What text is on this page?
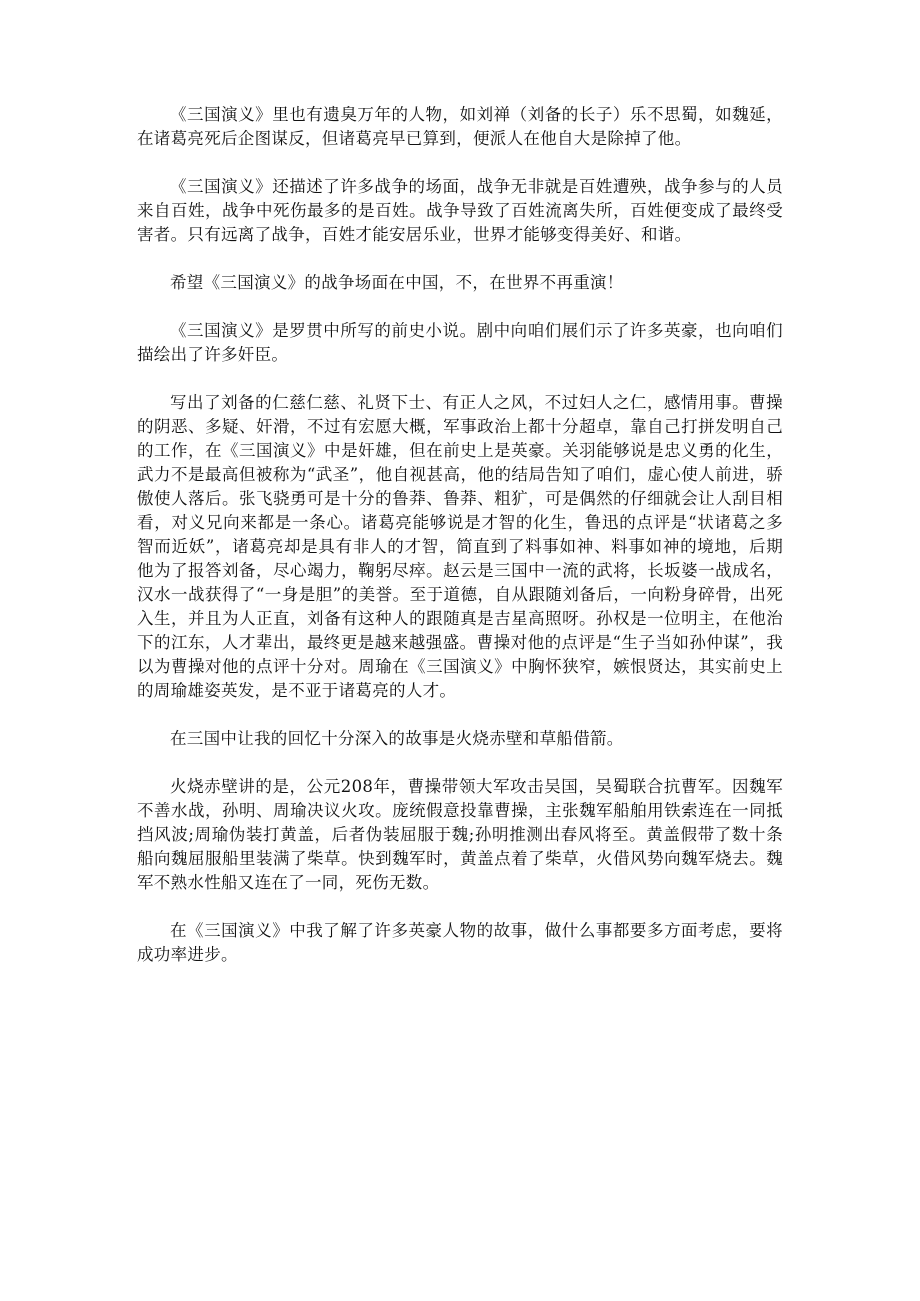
《三国演义》里也有遗臭万年的人物，如刘禅（刘备的长子）乐不思蜀，如魏延，在诸葛亮死后企图谋反，但诸葛亮早已算到，便派人在他自大是除掉了他。

《三国演义》还描述了许多战争的场面，战争无非就是百姓遭殃，战争参与的人员来自百姓，战争中死伤最多的是百姓。战争导致了百姓流离失所，百姓便变成了最终受害者。只有远离了战争，百姓才能安居乐业，世界才能够变得美好、和谐。

希望《三国演义》的战争场面在中国，不，在世界不再重演！

《三国演义》是罗贯中所写的前史小说。剧中向咱们展们示了许多英豪，也向咱们描绘出了许多奸臣。

写出了刘备的仁慈仁慈、礼贤下士、有正人之风，不过妇人之仁，感情用事。曹操的阴恶、多疑、奸滑，不过有宏愿大概，军事政治上都十分超卓，靠自己打拼发明自己的工作，在《三国演义》中是奸雄，但在前史上是英豪。关羽能够说是忠义勇的化生，武力不是最高但被称为“武圣”，他自视甚高，他的结局告知了咱们，虚心使人前进，骄傲使人落后。张飞骁勇可是十分的鲁莽、鲁莽、粗犷，可是偶然的仔细就会让人刮目相看，对义兄向来都是一条心。诸葛亮能够说是才智的化生，鲁迅的点评是“状诸葛之多智而近妖”，诸葛亮却是具有非人的才智，简直到了料事如神、料事如神的境地，后期他为了报答刘备，尽心竭力，鞠躬尽瘁。赵云是三国中一流的武将，长坂婆一战成名，汉水一战获得了“一身是胆”的美誉。至于道德，自从跟随刘备后，一向粉身碎骨，出死入生，并且为人正直，刘备有这种人的跟随真是吉星高照呀。孙权是一位明主，在他治下的江东，人才辈出，最终更是越来越强盛。曹操对他的点评是“生子当如孙仲谋”，我以为曹操对他的点评十分对。周瑜在《三国演义》中胸怀狭窄，嫉恨贤达，其实前史上的周瑜雄姿英发，是不亚于诸葛亮的人才。

在三国中让我的回忆十分深入的故事是火烧赤壁和草船借箭。

火烧赤壁讲的是，公元208年，曹操带领大军攻击吴国，吴蜀联合抗曹军。因魏军不善水战，孙明、周瑜决议火攻。庞统假意投靠曹操，主张魏军船舶用铁索连在一同抵挡风波;周瑜伪装打黄盖，后者伪装屈服于魏;孙明推测出春风将至。黄盖假带了数十条船向魏屈服船里装满了柴草。快到魏军时，黄盖点着了柴草，火借风势向魏军烧去。魏军不熟水性船又连在了一同，死伤无数。

在《三国演义》中我了解了许多英豪人物的故事，做什么事都要多方面考虑，要将成功率进步。
